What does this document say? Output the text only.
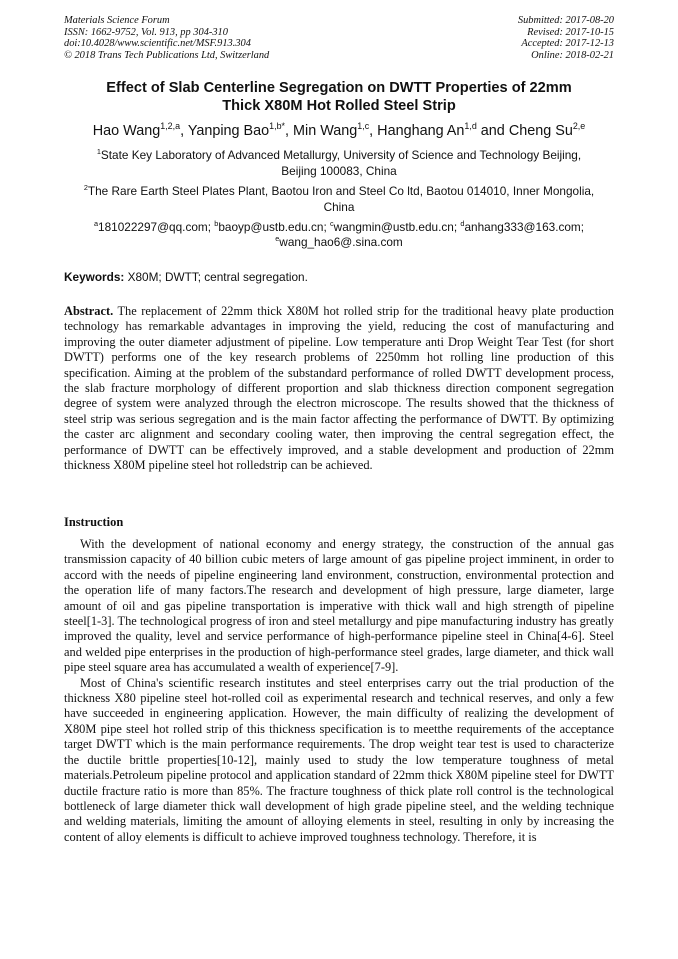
Materials Science Forum
ISSN: 1662-9752, Vol. 913, pp 304-310
doi:10.4028/www.scientific.net/MSF.913.304
© 2018 Trans Tech Publications Ltd, Switzerland
Submitted: 2017-08-20
Revised: 2017-10-15
Accepted: 2017-12-13
Online: 2018-02-21
Effect of Slab Centerline Segregation on DWTT Properties of 22mm
Thick X80M Hot Rolled Steel Strip
Hao Wang$^{1,2,a}$, Yanping Bao$^{1,b*}$, Min Wang$^{1,c}$, Hanghang An$^{1,d}$ and Cheng Su$^{2,e}$
$^1$State Key Laboratory of Advanced Metallurgy, University of Science and Technology Beijing,
Beijing 100083, China
$^2$The Rare Earth Steel Plates Plant, Baotou Iron and Steel Co ltd, Baotou 014010, Inner Mongolia,
China
$^a$181022297@qq.com; $^b$baoyp@ustb.edu.cn; $^c$wangmin@ustb.edu.cn; $^d$anhang333@163.com;
$^e$wang_hao6@.sina.com
Keywords: X80M; DWTT; central segregation.
Abstract. The replacement of 22mm thick X80M hot rolled strip for the traditional heavy plate production technology has remarkable advantages in improving the yield, reducing the cost of manufacturing and improving the outer diameter adjustment of pipeline. Low temperature anti Drop Weight Tear Test (for short DWTT) performs one of the key research problems of 2250mm hot rolling line production of this specification. Aiming at the problem of the substandard performance of rolled DWTT development process, the slab fracture morphology of different proportion and slab thickness direction component segregation degree of system were analyzed through the electron microscope. The results showed that the thickness of steel strip was serious segregation and is the main factor affecting the performance of DWTT. By optimizing the caster arc alignment and secondary cooling water, then improving the central segregation effect, the performance of DWTT can be effectively improved, and a stable development and production of 22mm thickness X80M pipeline steel hot rolledstrip can be achieved.
Instruction

With the development of national economy and energy strategy, the construction of the annual gas transmission capacity of 40 billion cubic meters of large amount of gas pipeline project imminent, in order to accord with the needs of pipeline engineering land environment, construction, environmental protection and the operation life of many factors.The research and development of high pressure, large diameter, large amount of oil and gas pipeline transportation is imperative with thick wall and high strength of pipeline steel[1-3]. The technological progress of iron and steel metallurgy and pipe manufacturing industry has greatly improved the quality, level and service performance of high-performance pipeline steel in China[4-6]. Steel and welded pipe enterprises in the production of high-performance steel grades, large diameter, and thick wall pipe steel square area has accumulated a wealth of experience[7-9].

Most of China's scientific research institutes and steel enterprises carry out the trial production of the thickness X80 pipeline steel hot-rolled coil as experimental research and technical reserves, and only a few have succeeded in engineering application. However, the main difficulty of realizing the development of X80M pipe steel hot rolled strip of this thickness specification is to meetthe requirements of the acceptance target DWTT which is the main performance requirements. The drop weight tear test is used to characterize the ductile brittle properties[10-12], mainly used to study the low temperature toughness of metal materials.Petroleum pipeline protocol and application standard of 22mm thick X80M pipeline steel for DWTT ductile fracture ratio is more than 85%. The fracture toughness of thick plate roll control is the technological bottleneck of large diameter thick wall development of high grade pipeline steel, and the welding technique and welding materials, limiting the amount of alloying elements in steel, resulting in only by increasing the content of alloy elements is difficult to achieve improved toughness technology. Therefore, it is
